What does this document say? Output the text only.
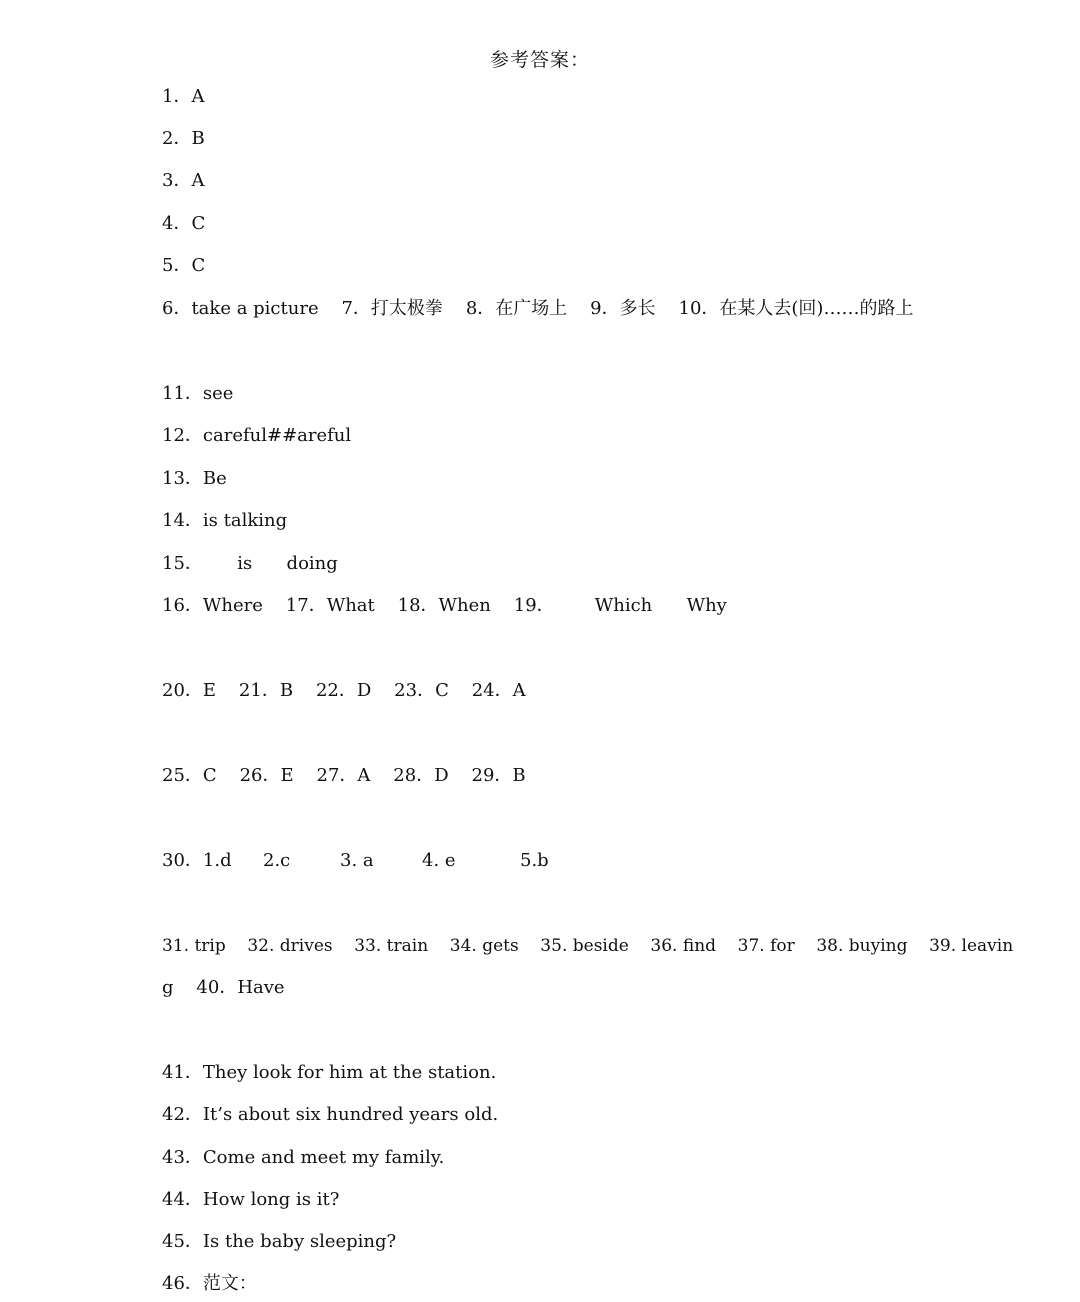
参考答案：
1．A
2．B
3．A
4．C
5．C
6．take a picture    7．打太极拳    8．在广场上    9．多长    10．在某人去(回)……的路上
11．see
12．careful##areful
13．Be
14．is talking
15．      is      doing
16．Where    17．What    18．When    19．       Which      Why
20．E    21．B    22．D    23．C    24．A
25．C    26．E    27．A    28．D    29．B

30．1.d

2.c

	3. a

	4. e

	5.b

31. trip    32. drives    33. train    34. gets    35. beside    36. find    37. for    38. buying    39. leavin
g    40．Have
41．They look for him at the station.
42．It’s about six hundred years old.
43．Come and meet my family.
44．How long is it?
45．Is the baby sleeping?
46．范文：
